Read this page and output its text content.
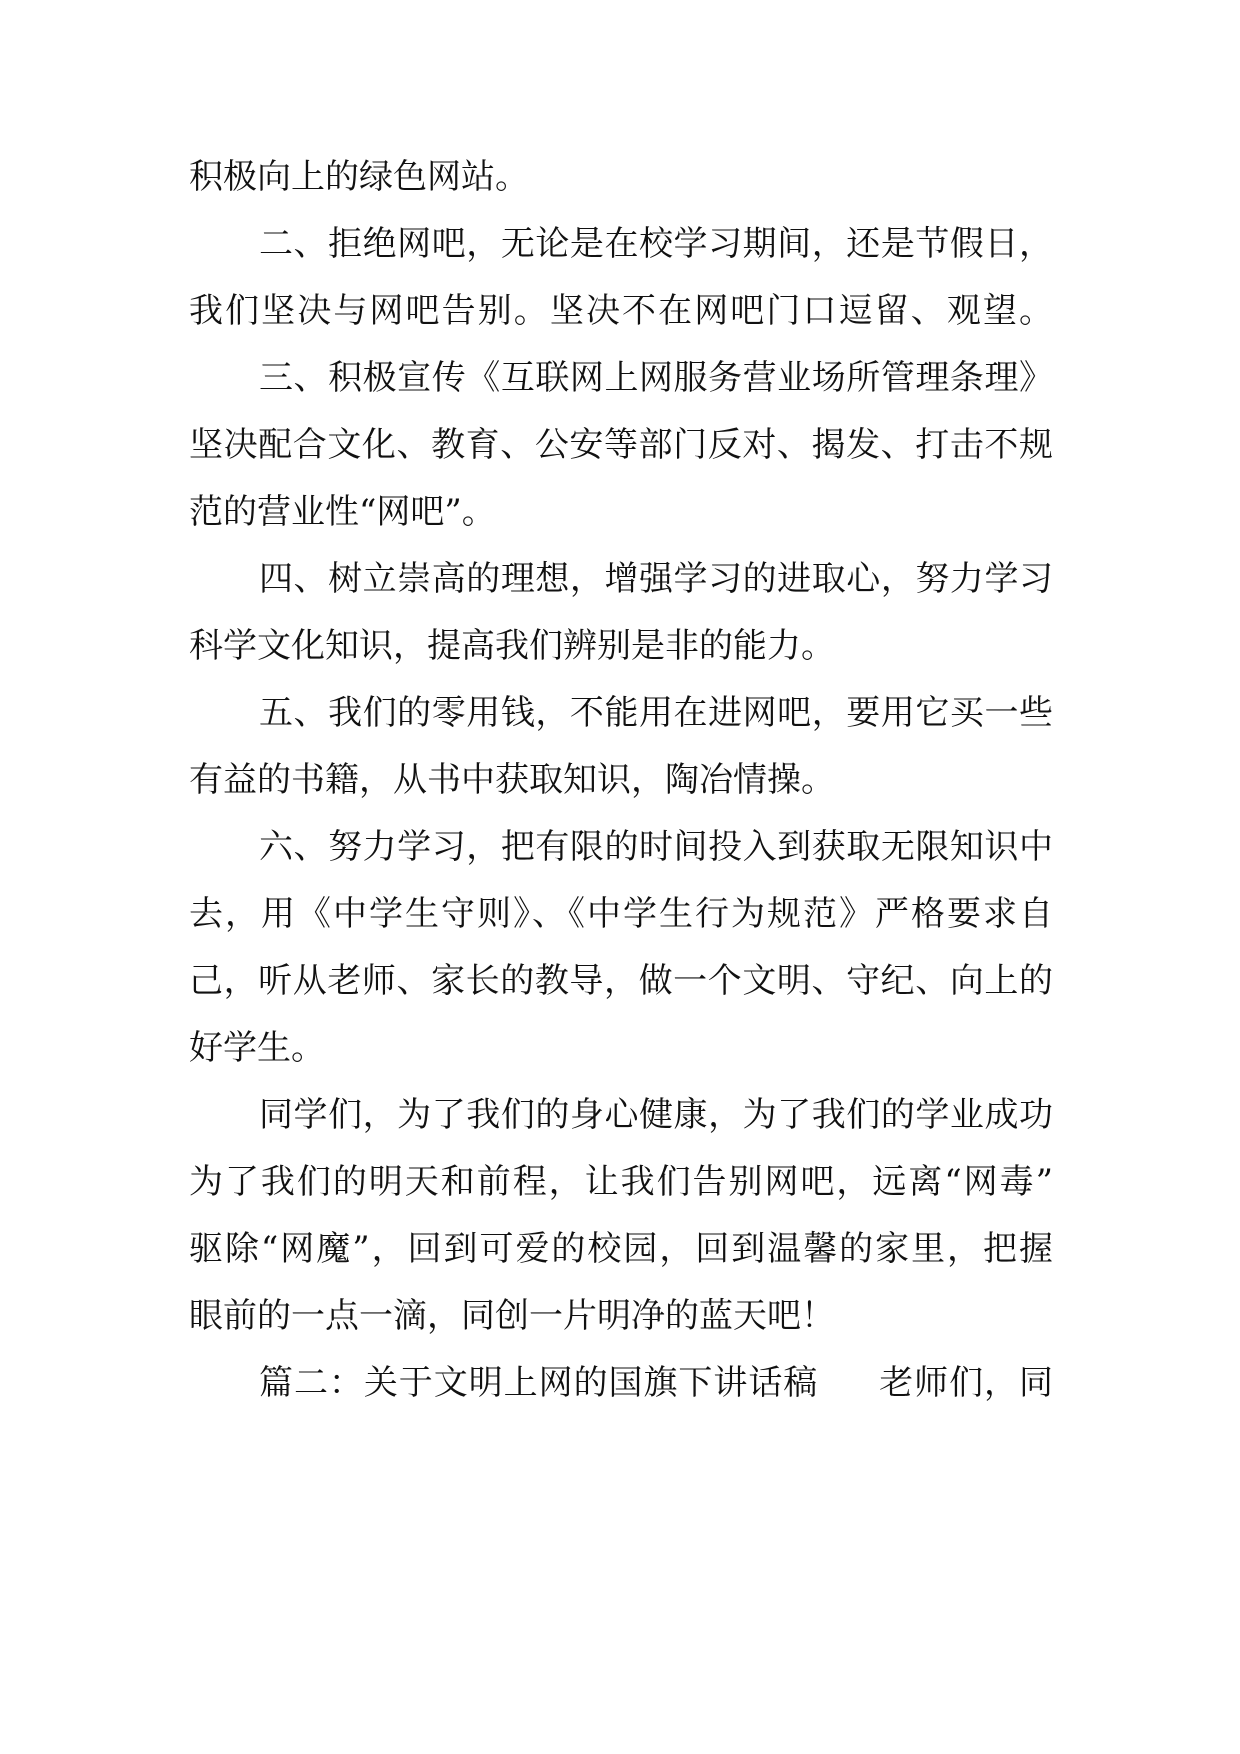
积极向上的绿色网站。
二、拒绝网吧，无论是在校学习期间，还是节假日，
我们坚决与网吧告别。坚决不在网吧门口逗留、观望。
三、积极宣传《互联网上网服务营业场所管理条理》
坚决配合文化、教育、公安等部门反对、揭发、打击不规
范的营业性“网吧”。
四、树立崇高的理想，增强学习的进取心，努力学习
科学文化知识，提高我们辨别是非的能力。
五、我们的零用钱，不能用在进网吧，要用它买一些
有益的书籍，从书中获取知识，陶冶情操。
六、努力学习，把有限的时间投入到获取无限知识中
去，用《中学生守则》、《中学生行为规范》严格要求自
己，听从老师、家长的教导，做一个文明、守纪、向上的
好学生。
同学们，为了我们的身心健康，为了我们的学业成功
为了我们的明天和前程，让我们告别网吧，远离“网毒”
驱除“网魔”，回到可爱的校园，回到温馨的家里，把握
眼前的一点一滴，同创一片明净的蓝天吧！
篇二：关于文明上网的国旗下讲话稿 老师们，同
